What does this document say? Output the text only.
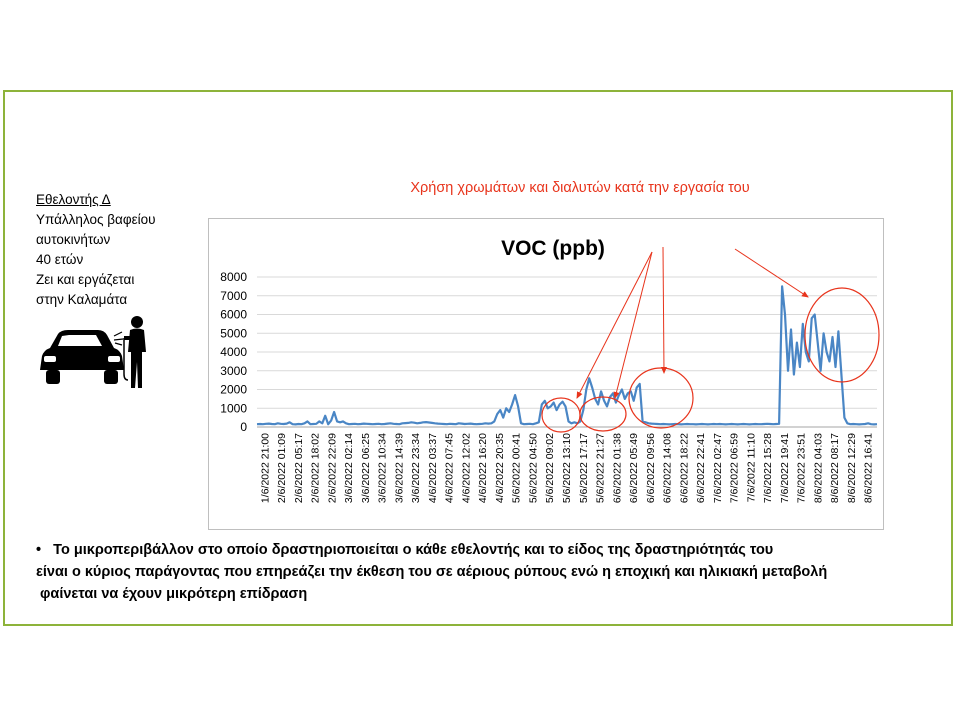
Εθελοντής Δ
Υπάλληλος βαφείου
αυτοκινήτων
40 ετών
Ζει και εργάζεται
στην Καλαμάτα
Χρήση χρωμάτων και διαλυτών κατά την εργασία του
VOC (ppb)
0
1000
2000
3000
4000
5000
6000
7000
8000
1/6/2022 21:00 2/6/2022 01:09 2/6/2022 05:17 2/6/2022 18:02 2/6/2022 22:09 3/6/2022 02:14 3/6/2022 06:25 3/6/2022 10:34 3/6/2022 14:39 3/6/2022 23:34 4/6/2022 03:37 4/6/2022 07:45 4/6/2022 12:02 4/6/2022 16:20 4/6/2022 20:35 5/6/2022 00:41 5/6/2022 04:50 5/6/2022 09:02 5/6/2022 13:10 5/6/2022 17:17 5/6/2022 21:27 6/6/2022 01:38 6/6/2022 05:49 6/6/2022 09:56 6/6/2022 14:08 6/6/2022 18:22 6/6/2022 22:41 7/6/2022 02:47 7/6/2022 06:59 7/6/2022 11:10 7/6/2022 15:28 7/6/2022 19:41 7/6/2022 23:51 8/6/2022 04:03 8/6/2022 08:17 8/6/2022 12:29 8/6/2022 16:41
• Το μικροπεριβάλλον στο οποίο δραστηριοποιείται ο κάθε εθελοντής και το είδος της δραστηριότητάς του
είναι ο κύριος παράγοντας που επηρεάζει την έκθεση του σε αέριους ρύπους ενώ η εποχική και ηλικιακή μεταβολή
φαίνεται να έχουν μικρότερη επίδραση
